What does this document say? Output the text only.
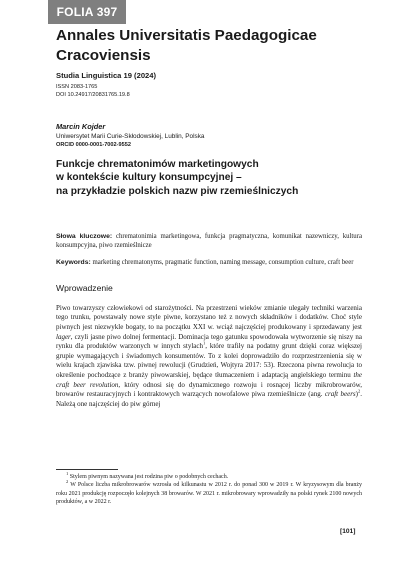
FOLIA 397
Annales Universitatis Paedagogicae Cracoviensis
Studia Linguistica 19 (2024)
ISSN 2083-1765
DOI 10.24917/20831765.19.8
Marcin Kojder
Uniwersytet Marii Curie-Skłodowskiej, Lublin, Polska
ORCID 0000-0001-7002-9552
Funkcje chrematonimów marketingowych
w kontekście kultury konsumpcyjnej –
na przykładzie polskich nazw piw rzemieślniczych
Słowa kluczowe: chrematonimia marketingowa, funkcja pragmatyczna, komunikat nazewniczy, kultura konsumpcyjna, piwo rzemieślnicze
Keywords: marketing chrematonyms, pragmatic function, naming message, consumption culture, craft beer
Wprowadzenie
Piwo towarzyszy człowiekowi od starożytności. Na przestrzeni wieków zmianie ulegały techniki warzenia tego trunku, powstawały nowe style piwne, korzystano też z nowych składników i dodatków. Choć style piwnych jest niezwykle bogaty, to na początku XXI w. wciąż najczęściej produkowany i sprzedawany jest lager, czyli jasne piwo dolnej fermentacji. Dominacja tego gatunku spowodowała wytworzenie się niszy na rynku dla produktów warzonych w innych stylach$^1$, które trafiły na podatny grunt dzięki coraz większej grupie wymagających i świadomych konsumentów. To z kolei doprowadziło do rozprzestrzenienia się w wielu krajach zjawiska tzw. piwnej rewolucji (Grudzień, Wojtyra 2017: 53). Rzeczona piwna rewolucja to określenie pochodzące z branży piwowarskiej, będące tłumaczeniem i adaptacją angielskiego terminu the craft beer revolution, który odnosi się do dynamicznego rozwoju i rosnącej liczby mikrobrowarów, browarów restauracyjnych i kontraktowych warzących nowofalowe piwa rzemieślnicze (ang. craft beers)$^2$. Należą one najczęściej do piw górnej
$^1$ Stylem piwnym nazywana jest rodzina piw o podobnych cechach.
$^2$ W Polsce liczba mikrobrowarów wzrosła od kilkunastu w 2012 r. do ponad 300 w 2019 r. W kryzysowym dla branży roku 2021 produkcję rozpoczęło kolejnych 38 browarów. W 2021 r. mikrobrowary wprowadziły na polski rynek 2100 nowych produktów, a w 2022 r.
[101]
